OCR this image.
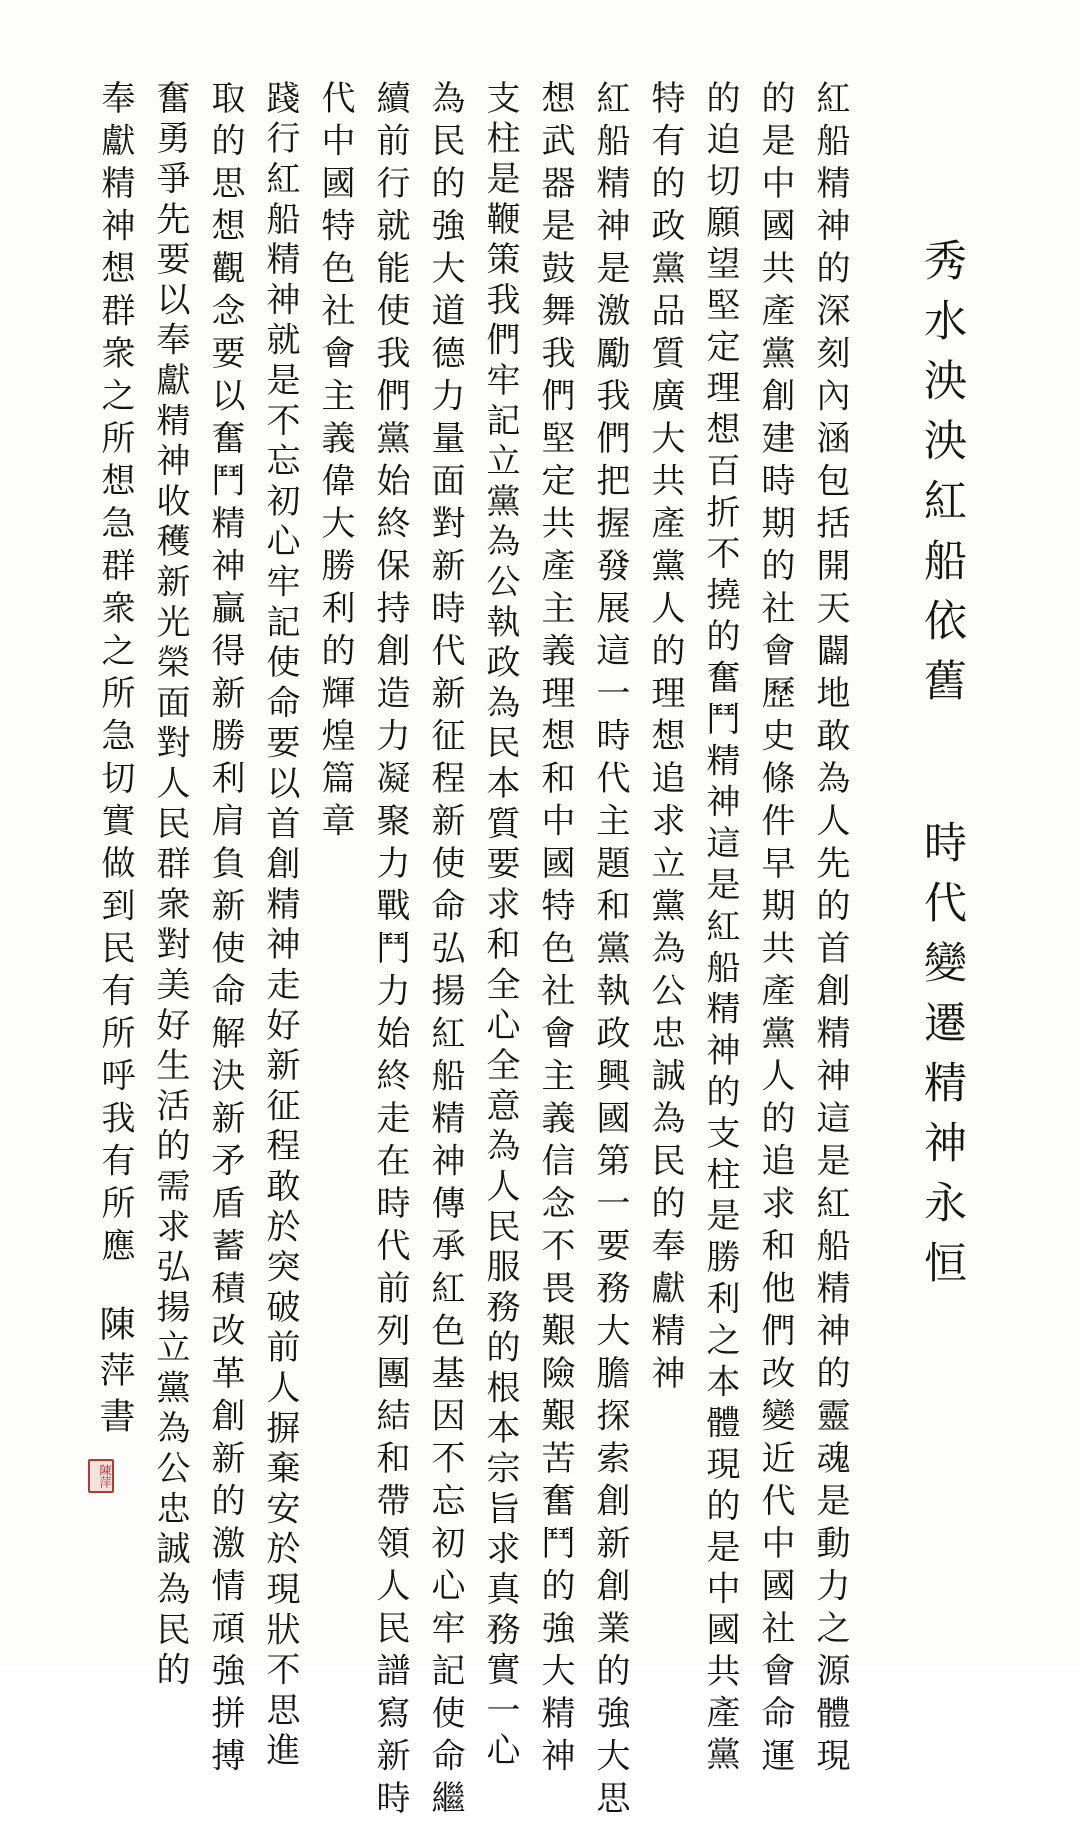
秀水泱泱紅船依舊
時代變遷精神永恒
紅船精神的深刻內涵包括開天闢地敢為人先的首創精神這是紅船精神的靈魂是動力之源體現
的是中國共產黨創建時期的社會歷史條件早期共產黨人的追求和他們改變近代中國社會命運
的迫切願望堅定理想百折不撓的奮鬥精神這是紅船精神的支柱是勝利之本體現的是中國共產黨
特有的政黨品質廣大共產黨人的理想追求立黨為公忠誠為民的奉獻精神
紅船精神是激勵我們把握發展這一時代主題和黨執政興國第一要務大膽探索創新創業的強大思
想武器是鼓舞我們堅定共產主義理想和中國特色社會主義信念不畏艱險艱苦奮鬥的強大精神
支柱是鞭策我們牢記立黨為公執政為民本質要求和全心全意為人民服務的根本宗旨求真務實一心
為民的強大道德力量面對新時代新征程新使命弘揚紅船精神傳承紅色基因不忘初心牢記使命繼
續前行就能使我們黨始終保持創造力凝聚力戰鬥力始終走在時代前列團結和帶領人民譜寫新時
代中國特色社會主義偉大勝利的輝煌篇章
踐行紅船精神就是不忘初心牢記使命要以首創精神走好新征程敢於突破前人摒棄安於現狀不思進
取的思想觀念要以奮鬥精神贏得新勝利肩負新使命解決新矛盾蓄積改革創新的激情頑強拼搏
奮勇爭先要以奉獻精神收穫新光榮面對人民群衆對美好生活的需求弘揚立黨為公忠誠為民的
奉獻精神想群衆之所想急群衆之所急切實做到民有所呼我有所應
陳萍書
陳萍
